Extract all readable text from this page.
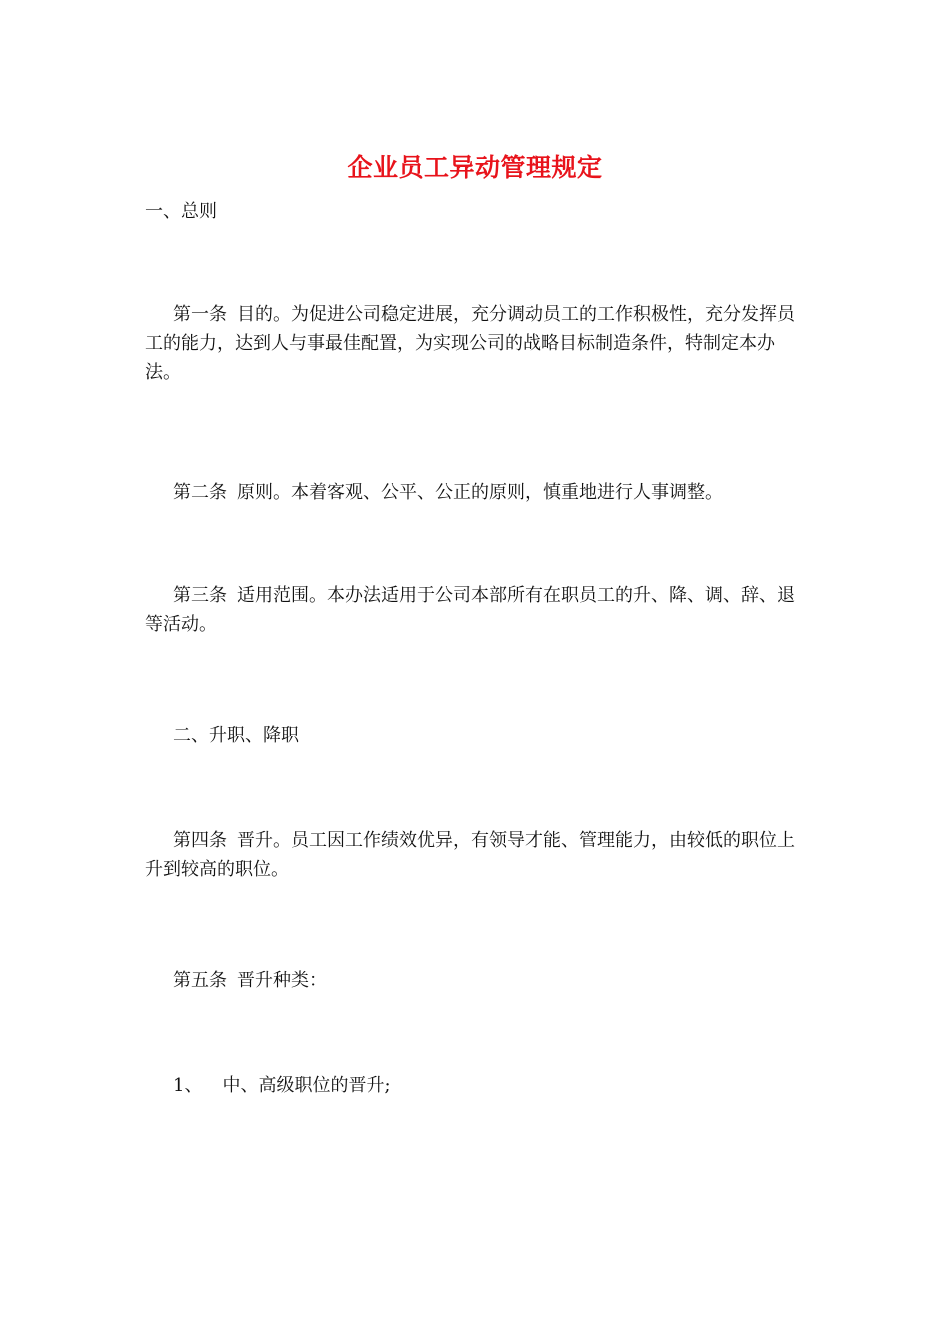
企业员工异动管理规定

一、总则

第一条 目的。为促进公司稳定进展，充分调动员工的工作积极性，充分发挥员工的能力，达到人与事最佳配置，为实现公司的战略目标制造条件，特制定本办法。

第二条 原则。本着客观、公平、公正的原则，慎重地进行人事调整。

第三条 适用范围。本办法适用于公司本部所有在职员工的升、降、调、辞、退等活动。

二、升职、降职

第四条 晋升。员工因工作绩效优异，有领导才能、管理能力，由较低的职位上升到较高的职位。

第五条 晋升种类：

1、 中、高级职位的晋升;
